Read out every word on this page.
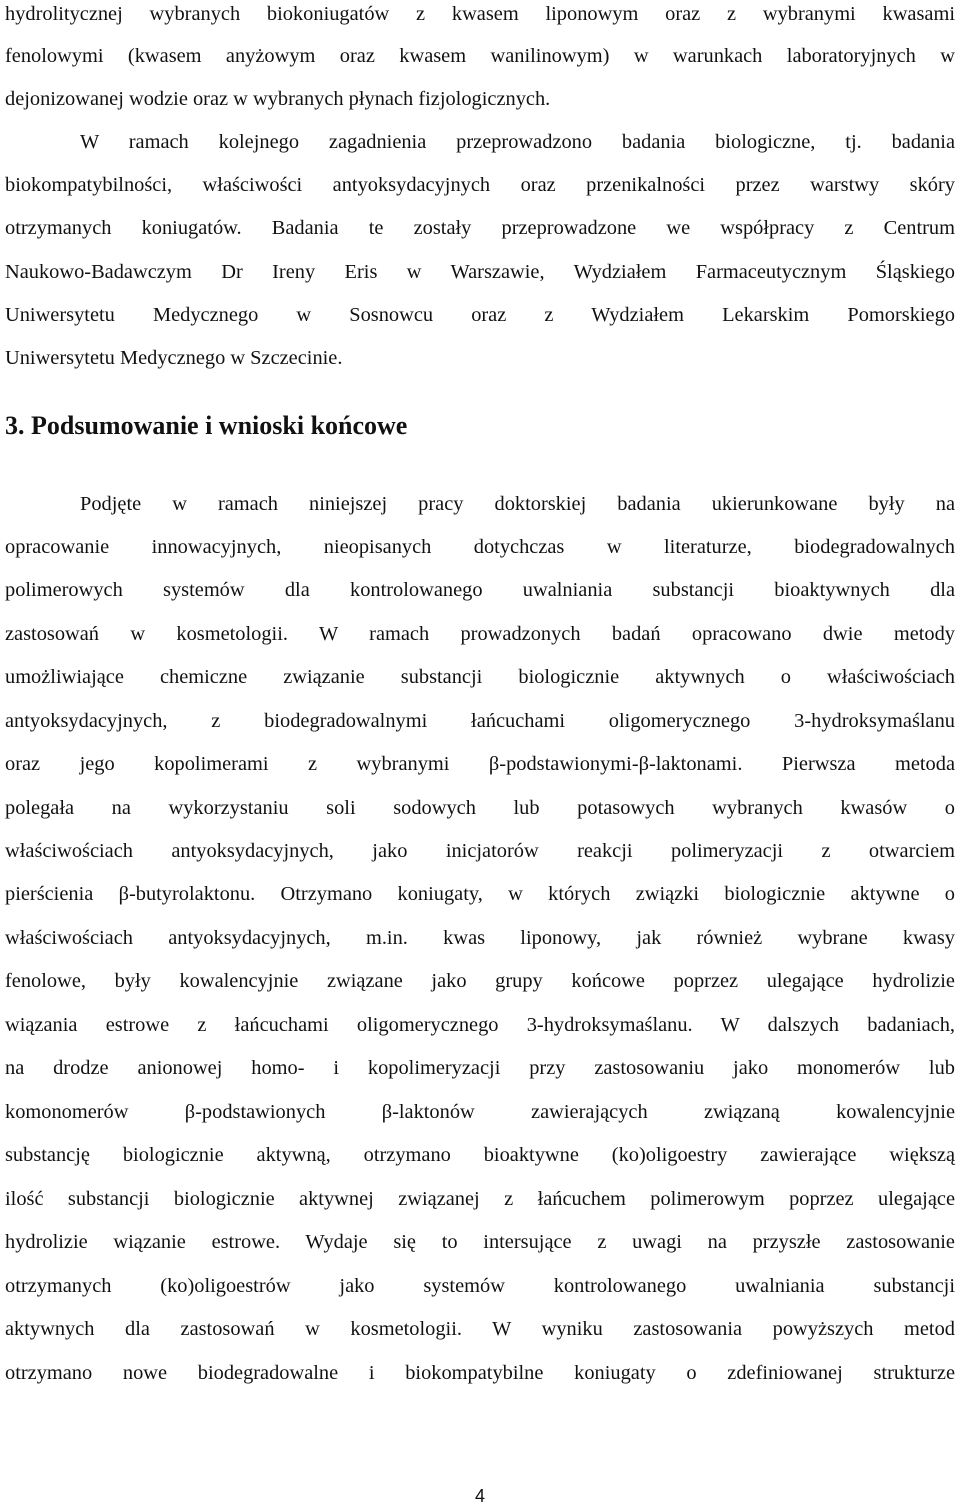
hydrolitycznej wybranych biokoniugatów z kwasem liponowym oraz z wybranymi kwasami
fenolowymi (kwasem anyżowym oraz kwasem wanilinowym) w warunkach laboratoryjnych w
dejonizowanej wodzie oraz w wybranych płynach fizjologicznych.
W ramach kolejnego zagadnienia przeprowadzono badania biologiczne, tj. badania
biokompatybilności, właściwości antyoksydacyjnych oraz przenikalności przez warstwy skóry
otrzymanych koniugatów. Badania te zostały przeprowadzone we współpracy z Centrum
Naukowo-Badawczym Dr Ireny Eris w Warszawie, Wydziałem Farmaceutycznym Śląskiego
Uniwersytetu Medycznego w Sosnowcu oraz z Wydziałem Lekarskim Pomorskiego
Uniwersytetu Medycznego w Szczecinie.
3. Podsumowanie i wnioski końcowe
Podjęte w ramach niniejszej pracy doktorskiej badania ukierunkowane były na
opracowanie innowacyjnych, nieopisanych dotychczas w literaturze, biodegradowalnych
polimerowych systemów dla kontrolowanego uwalniania substancji bioaktywnych dla
zastosowań w kosmetologii. W ramach prowadzonych badań opracowano dwie metody
umożliwiające chemiczne związanie substancji biologicznie aktywnych o właściwościach
antyoksydacyjnych, z biodegradowalnymi łańcuchami oligomerycznego 3-hydroksymaślanu
oraz jego kopolimerami z wybranymi β-podstawionymi-β-laktonami. Pierwsza metoda
polegała na wykorzystaniu soli sodowych lub potasowych wybranych kwasów o
właściwościach antyoksydacyjnych, jako inicjatorów reakcji polimeryzacji z otwarciem
pierścienia β-butyrolaktonu. Otrzymano koniugaty, w których związki biologicznie aktywne o
właściwościach antyoksydacyjnych, m.in. kwas liponowy, jak również wybrane kwasy
fenolowe, były kowalencyjnie związane jako grupy końcowe poprzez ulegające hydrolizie
wiązania estrowe z łańcuchami oligomerycznego 3-hydroksymaślanu. W dalszych badaniach,
na drodze anionowej homo- i kopolimeryzacji przy zastosowaniu jako monomerów lub
komonomerów β-podstawionych β-laktonów zawierających związaną kowalencyjnie
substancję biologicznie aktywną, otrzymano bioaktywne (ko)oligoestry zawierające większą
ilość substancji biologicznie aktywnej związanej z łańcuchem polimerowym poprzez ulegające
hydrolizie wiązanie estrowe. Wydaje się to intersujące z uwagi na przyszłe zastosowanie
otrzymanych (ko)oligoestrów jako systemów kontrolowanego uwalniania substancji
aktywnych dla zastosowań w kosmetologii. W wyniku zastosowania powyższych metod
otrzymano nowe biodegradowalne i biokompatybilne koniugaty o zdefiniowanej strukturze
4
